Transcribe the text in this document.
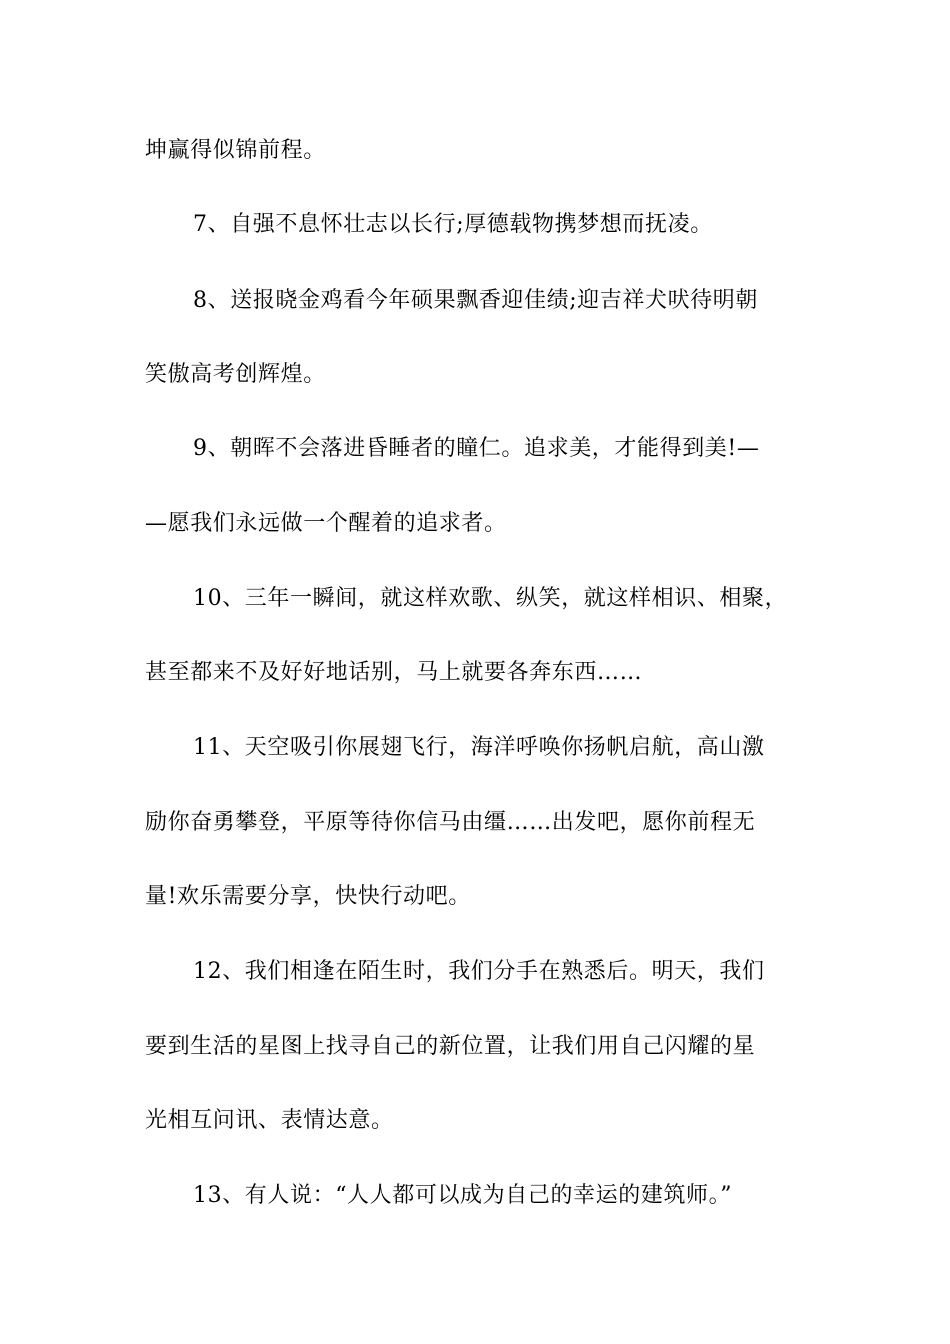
坤赢得似锦前程。
7、自强不息怀壮志以长行;厚德载物携梦想而抚凌。
8、送报晓金鸡看今年硕果飘香迎佳绩;迎吉祥犬吠待明朝
笑傲高考创辉煌。
9、朝晖不会落进昏睡者的瞳仁。追求美，才能得到美!—
—愿我们永远做一个醒着的追求者。
10、三年一瞬间，就这样欢歌、纵笑，就这样相识、相聚，
甚至都来不及好好地话别，马上就要各奔东西……
11、天空吸引你展翅飞行，海洋呼唤你扬帆启航，高山激
励你奋勇攀登，平原等待你信马由缰……出发吧，愿你前程无
量!欢乐需要分享，快快行动吧。
12、我们相逢在陌生时，我们分手在熟悉后。明天，我们
要到生活的星图上找寻自己的新位置，让我们用自己闪耀的星
光相互问讯、表情达意。
13、有人说：“人人都可以成为自己的幸运的建筑师。”
